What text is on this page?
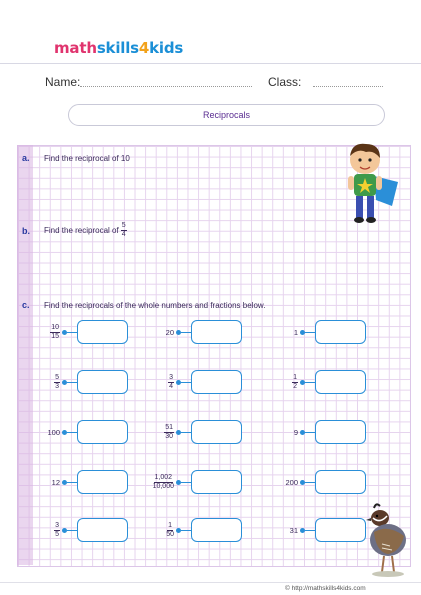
mathskills4kids
Name:	Class:
Reciprocals
a. Find the reciprocal of 10
b. Find the reciprocal of $\frac{5}{4}$
c. Find the reciprocals of the whole numbers and fractions below.
$\frac{10}{15}$	20	1
$\frac{5}{3}$	$\frac{3}{4}$	$\frac{1}{2}$
100	$\frac{51}{30}$	9
12	$\frac{1,002}{10,000}$	200
$\frac{3}{5}$	$\frac{1}{50}$	31
© http://mathskills4kids.com
